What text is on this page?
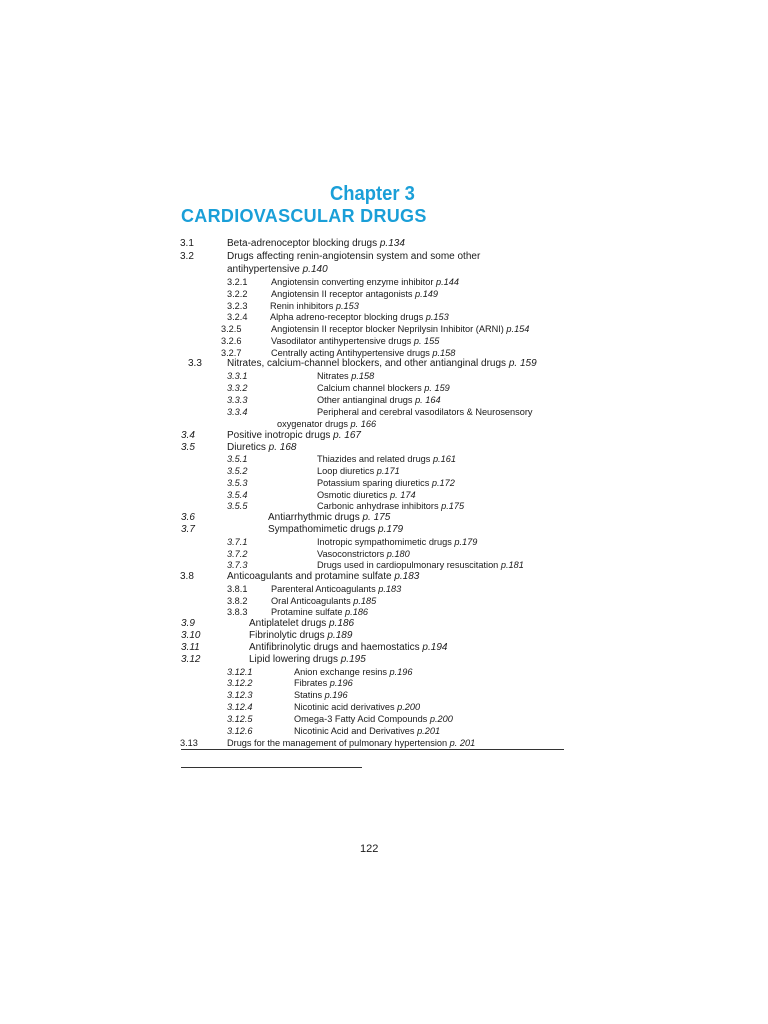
Chapter 3
CARDIOVASCULAR DRUGS
3.1	Beta-adrenoceptor blocking drugs p.134
3.2	Drugs affecting renin-angiotensin system and some other
antihypertensive p.140
3.2.1	Angiotensin converting enzyme inhibitor p.144
3.2.2	Angiotensin II receptor antagonists p.149
3.2.3 Renin inhibitors p.153
3.2.4 Alpha adreno-receptor blocking drugs p.153
3.2.5	Angiotensin II receptor blocker Neprilysin Inhibitor (ARNI) p.154
3.2.6	Vasodilator antihypertensive drugs p. 155
3.2.7	Centrally acting Antihypertensive drugs p.158
3.3	Nitrates, calcium-channel blockers, and other antianginal drugs p. 159
3.3.1	Nitrates p.158
3.3.2	Calcium channel blockers p. 159
3.3.3	Other antianginal drugs p. 164
3.3.4	Peripheral and cerebral vasodilators & Neurosensory
oxygenator drugs p. 166
3.4	Positive inotropic drugs p. 167
3.5	Diuretics p. 168
3.5.1	Thiazides and related drugs p.161
3.5.2	Loop diuretics p.171
3.5.3	Potassium sparing diuretics p.172
3.5.4	Osmotic diuretics p. 174
3.5.5	Carbonic anhydrase inhibitors p.175
3.6	Antiarrhythmic drugs p. 175
3.7	Sympathomimetic drugs p.179
3.7.1	Inotropic sympathomimetic drugs p.179
3.7.2	Vasoconstrictors p.180
3.7.3	Drugs used in cardiopulmonary resuscitation p.181
3.8	Anticoagulants and protamine sulfate p.183
3.8.1	Parenteral Anticoagulants p.183
3.8.2	Oral Anticoagulants p.185
3.8.3	Protamine sulfate p.186
3.9	Antiplatelet drugs p.186
3.10	Fibrinolytic drugs p.189
3.11	Antifibrinolytic drugs and haemostatics p.194
3.12	Lipid lowering drugs p.195
3.12.1	Anion exchange resins p.196
3.12.2	Fibrates p.196
3.12.3	Statins p.196
3.12.4	Nicotinic acid derivatives p.200
3.12.5	Omega-3 Fatty Acid Compounds p.200
3.12.6	Nicotinic Acid and Derivatives p.201
3.13	Drugs for the management of pulmonary hypertension p. 201
122
